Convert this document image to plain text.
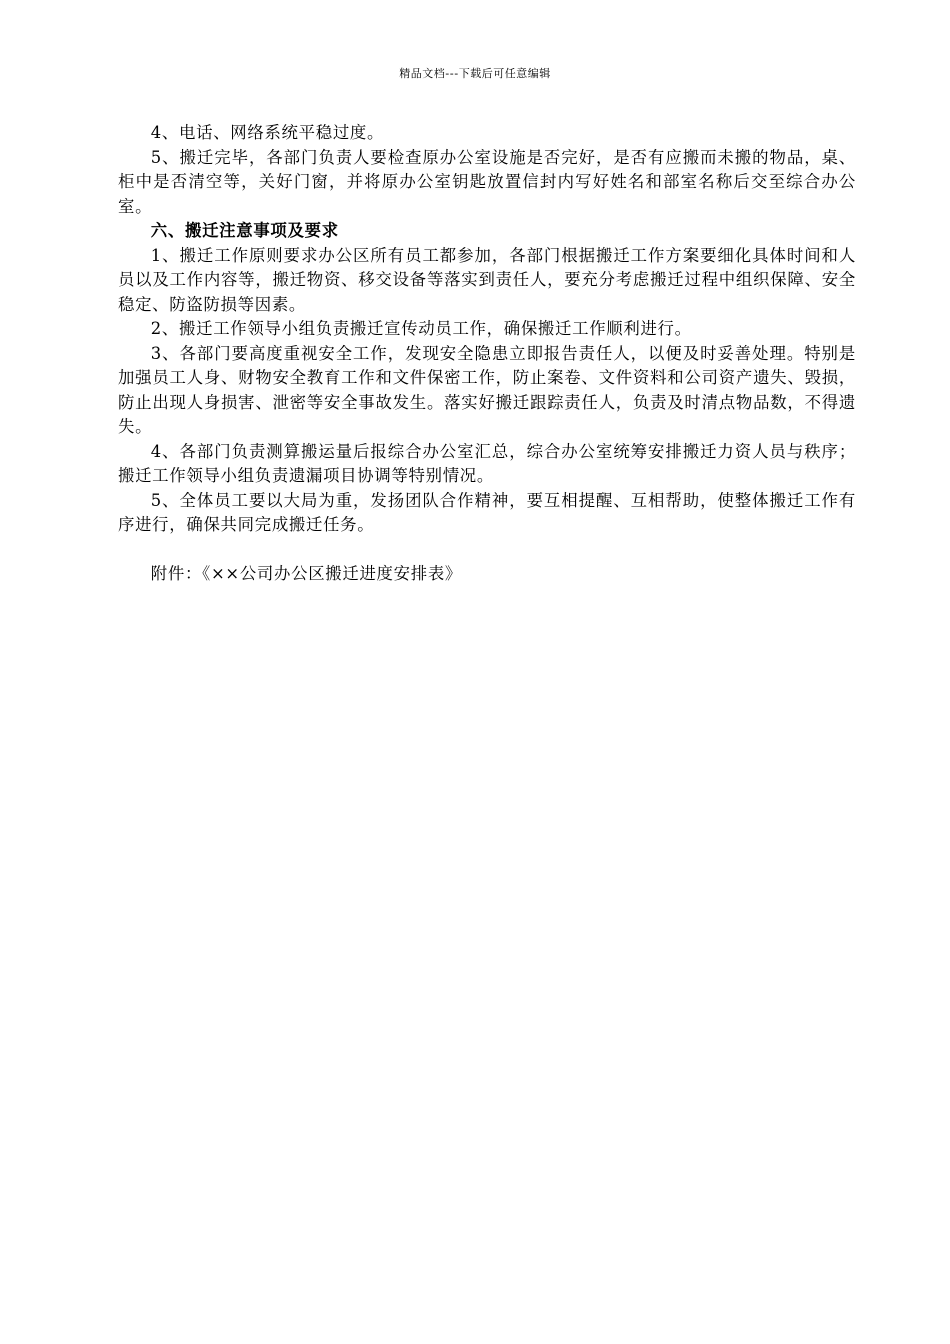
精品文档---下载后可任意编辑

4、电话、网络系统平稳过度。

5、搬迁完毕，各部门负责人要检查原办公室设施是否完好，是否有应搬而未搬的物品，桌、柜中是否清空等，关好门窗，并将原办公室钥匙放置信封内写好姓名和部室名称后交至综合办公室。

六、搬迁注意事项及要求

1、搬迁工作原则要求办公区所有员工都参加，各部门根据搬迁工作方案要细化具体时间和人员以及工作内容等，搬迁物资、移交设备等落实到责任人，要充分考虑搬迁过程中组织保障、安全稳定、防盗防损等因素。

2、搬迁工作领导小组负责搬迁宣传动员工作，确保搬迁工作顺利进行。

3、各部门要高度重视安全工作，发现安全隐患立即报告责任人，以便及时妥善处理。特别是加强员工人身、财物安全教育工作和文件保密工作，防止案卷、文件资料和公司资产遗失、毁损，防止出现人身损害、泄密等安全事故发生。落实好搬迁跟踪责任人，负责及时清点物品数，不得遗失。

4、各部门负责测算搬运量后报综合办公室汇总，综合办公室统筹安排搬迁力资人员与秩序；搬迁工作领导小组负责遗漏项目协调等特别情况。

5、全体员工要以大局为重，发扬团队合作精神，要互相提醒、互相帮助，使整体搬迁工作有序进行，确保共同完成搬迁任务。

附件：《××公司办公区搬迁进度安排表》
